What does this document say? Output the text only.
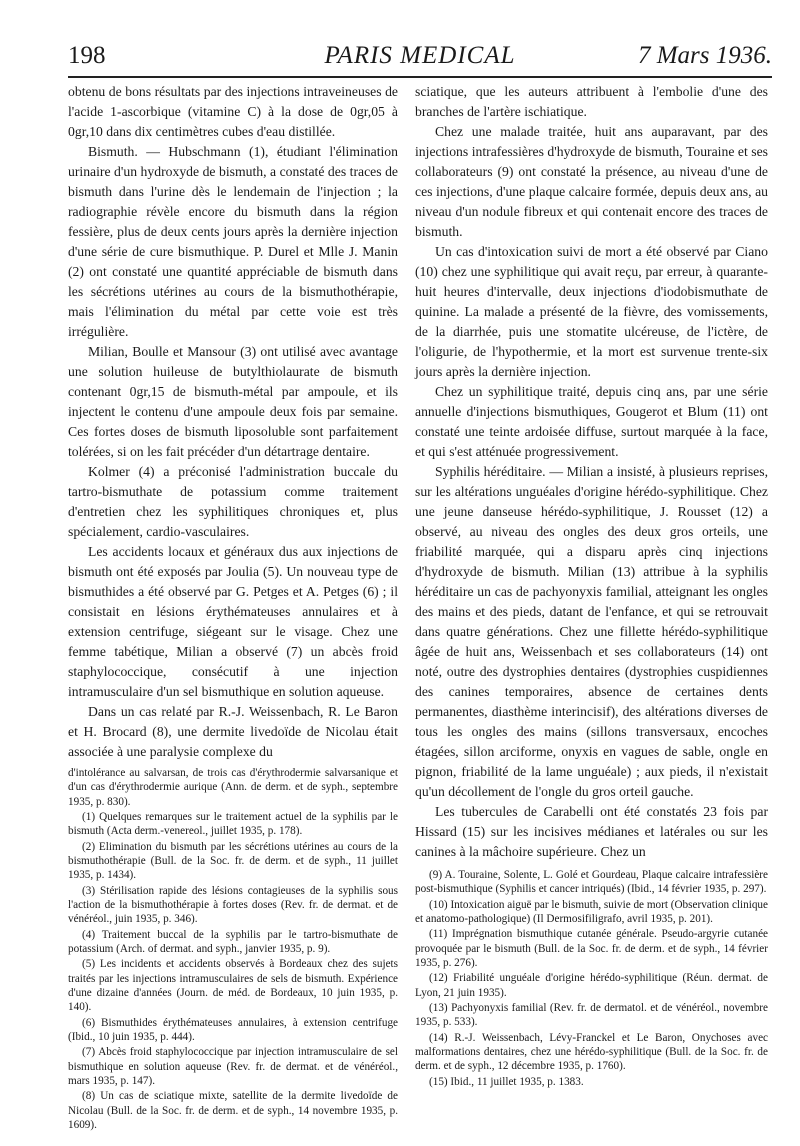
198	PARIS MEDICAL	7 Mars 1936.

obtenu de bons résultats par des injections intraveineuses de l'acide 1-ascorbique (vitamine C) à la dose de 0gr,05 à 0gr,10 dans dix centimètres cubes d'eau distillée.

Bismuth. — Hubschmann (1), étudiant l'élimination urinaire d'un hydroxyde de bismuth, a constaté des traces de bismuth dans l'urine dès le lendemain de l'injection ; la radiographie révèle encore du bismuth dans la région fessière, plus de deux cents jours après la dernière injection d'une série de cure bismuthique. P. Durel et Mlle J. Manin (2) ont constaté une quantité appréciable de bismuth dans les sécrétions utérines au cours de la bismuthothérapie, mais l'élimination du métal par cette voie est très irrégulière.

Milian, Boulle et Mansour (3) ont utilisé avec avantage une solution huileuse de butylthiolaurate de bismuth contenant 0gr,15 de bismuth-métal par ampoule, et ils injectent le contenu d'une ampoule deux fois par semaine. Ces fortes doses de bismuth liposoluble sont parfaitement tolérées, si on les fait précéder d'un détartrage dentaire.

Kolmer (4) a préconisé l'administration buccale du tartro-bismuthate de potassium comme traitement d'entretien chez les syphilitiques chroniques et, plus spécialement, cardio-vasculaires.

Les accidents locaux et généraux dus aux injections de bismuth ont été exposés par Joulia (5). Un nouveau type de bismuthides a été observé par G. Petges et A. Petges (6) ; il consistait en lésions érythémateuses annulaires et à extension centrifuge, siégeant sur le visage. Chez une femme tabétique, Milian a observé (7) un abcès froid staphylococcique, consécutif à une injection intramusculaire d'un sel bismuthique en solution aqueuse.

Dans un cas relaté par R.-J. Weissenbach, R. Le Baron et H. Brocard (8), une dermite livedoïde de Nicolau était associée à une paralysie complexe du

d'intolérance au salvarsan, de trois cas d'érythrodermie salvarsanique et d'un cas d'érythrodermie aurique (Ann. de derm. et de syph., septembre 1935, p. 830).

(1) Quelques remarques sur le traitement actuel de la syphilis par le bismuth (Acta derm.-venereol., juillet 1935, p. 178).

(2) Elimination du bismuth par les sécrétions utérines au cours de la bismuthothérapie (Bull. de la Soc. fr. de derm. et de syph., 11 juillet 1935, p. 1434).

(3) Stérilisation rapide des lésions contagieuses de la syphilis sous l'action de la bismuthothérapie à fortes doses (Rev. fr. de dermat. et de vénéréol., juin 1935, p. 346).

(4) Traitement buccal de la syphilis par le tartro-bismuthate de potassium (Arch. of dermat. and syph., janvier 1935, p. 9).

(5) Les incidents et accidents observés à Bordeaux chez des sujets traités par les injections intramusculaires de sels de bismuth. Expérience d'une dizaine d'années (Journ. de méd. de Bordeaux, 10 juin 1935, p. 140).

(6) Bismuthides érythémateuses annulaires, à extension centrifuge (Ibid., 10 juin 1935, p. 444).

(7) Abcès froid staphylococcique par injection intramusculaire de sel bismuthique en solution aqueuse (Rev. fr. de dermat. et de vénéréol., mars 1935, p. 147).

(8) Un cas de sciatique mixte, satellite de la dermite livedoïde de Nicolau (Bull. de la Soc. fr. de derm. et de syph., 14 novembre 1935, p. 1609).

sciatique, que les auteurs attribuent à l'embolie d'une des branches de l'artère ischiatique.

Chez une malade traitée, huit ans auparavant, par des injections intrafessières d'hydroxyde de bismuth, Touraine et ses collaborateurs (9) ont constaté la présence, au niveau d'une de ces injections, d'une plaque calcaire formée, depuis deux ans, au niveau d'un nodule fibreux et qui contenait encore des traces de bismuth.

Un cas d'intoxication suivi de mort a été observé par Ciano (10) chez une syphilitique qui avait reçu, par erreur, à quarante-huit heures d'intervalle, deux injections d'iodobismuthate de quinine. La malade a présenté de la fièvre, des vomissements, de la diarrhée, puis une stomatite ulcéreuse, de l'ictère, de l'oligurie, de l'hypothermie, et la mort est survenue trente-six jours après la dernière injection.

Chez un syphilitique traité, depuis cinq ans, par une série annuelle d'injections bismuthiques, Gougerot et Blum (11) ont constaté une teinte ardoisée diffuse, surtout marquée à la face, et qui s'est atténuée progressivement.

Syphilis héréditaire. — Milian a insisté, à plusieurs reprises, sur les altérations unguéales d'origine hérédo-syphilitique. Chez une jeune danseuse hérédo-syphilitique, J. Rousset (12) a observé, au niveau des ongles des deux gros orteils, une friabilité marquée, qui a disparu après cinq injections d'hydroxyde de bismuth. Milian (13) attribue à la syphilis héréditaire un cas de pachyonyxis familial, atteignant les ongles des mains et des pieds, datant de l'enfance, et qui se retrouvait dans quatre générations. Chez une fillette hérédo-syphilitique âgée de huit ans, Weissenbach et ses collaborateurs (14) ont noté, outre des dystrophies dentaires (dystrophies cuspidiennes des canines temporaires, absence de certaines dents permanentes, diasthème interincisif), des altérations diverses de tous les ongles des mains (sillons transversaux, encoches étagées, sillon arciforme, onyxis en vagues de sable, ongle en pignon, friabilité de la lame unguéale) ; aux pieds, il n'existait qu'un décollement de l'ongle du gros orteil gauche.

Les tubercules de Carabelli ont été constatés 23 fois par Hissard (15) sur les incisives médianes et latérales ou sur les canines à la mâchoire supérieure. Chez un

(9) A. Touraine, Solente, L. Golé et Gourdeau, Plaque calcaire intrafessière post-bismuthique (Syphilis et cancer intriqués) (Ibid., 14 février 1935, p. 297).

(10) Intoxication aiguë par le bismuth, suivie de mort (Observation clinique et anatomo-pathologique) (Il Dermosifiligrafo, avril 1935, p. 201).

(11) Imprégnation bismuthique cutanée générale. Pseudo-argyrie cutanée provoquée par le bismuth (Bull. de la Soc. fr. de derm. et de syph., 14 février 1935, p. 276).

(12) Friabilité unguéale d'origine hérédo-syphilitique (Réun. dermat. de Lyon, 21 juin 1935).

(13) Pachyonyxis familial (Rev. fr. de dermatol. et de vénéréol., novembre 1935, p. 533).

(14) R.-J. Weissenbach, Lévy-Franckel et Le Baron, Onychoses avec malformations dentaires, chez une hérédo-syphilitique (Bull. de la Soc. fr. de derm. et de syph., 12 décembre 1935, p. 1760).

(15) Ibid., 11 juillet 1935, p. 1383.
